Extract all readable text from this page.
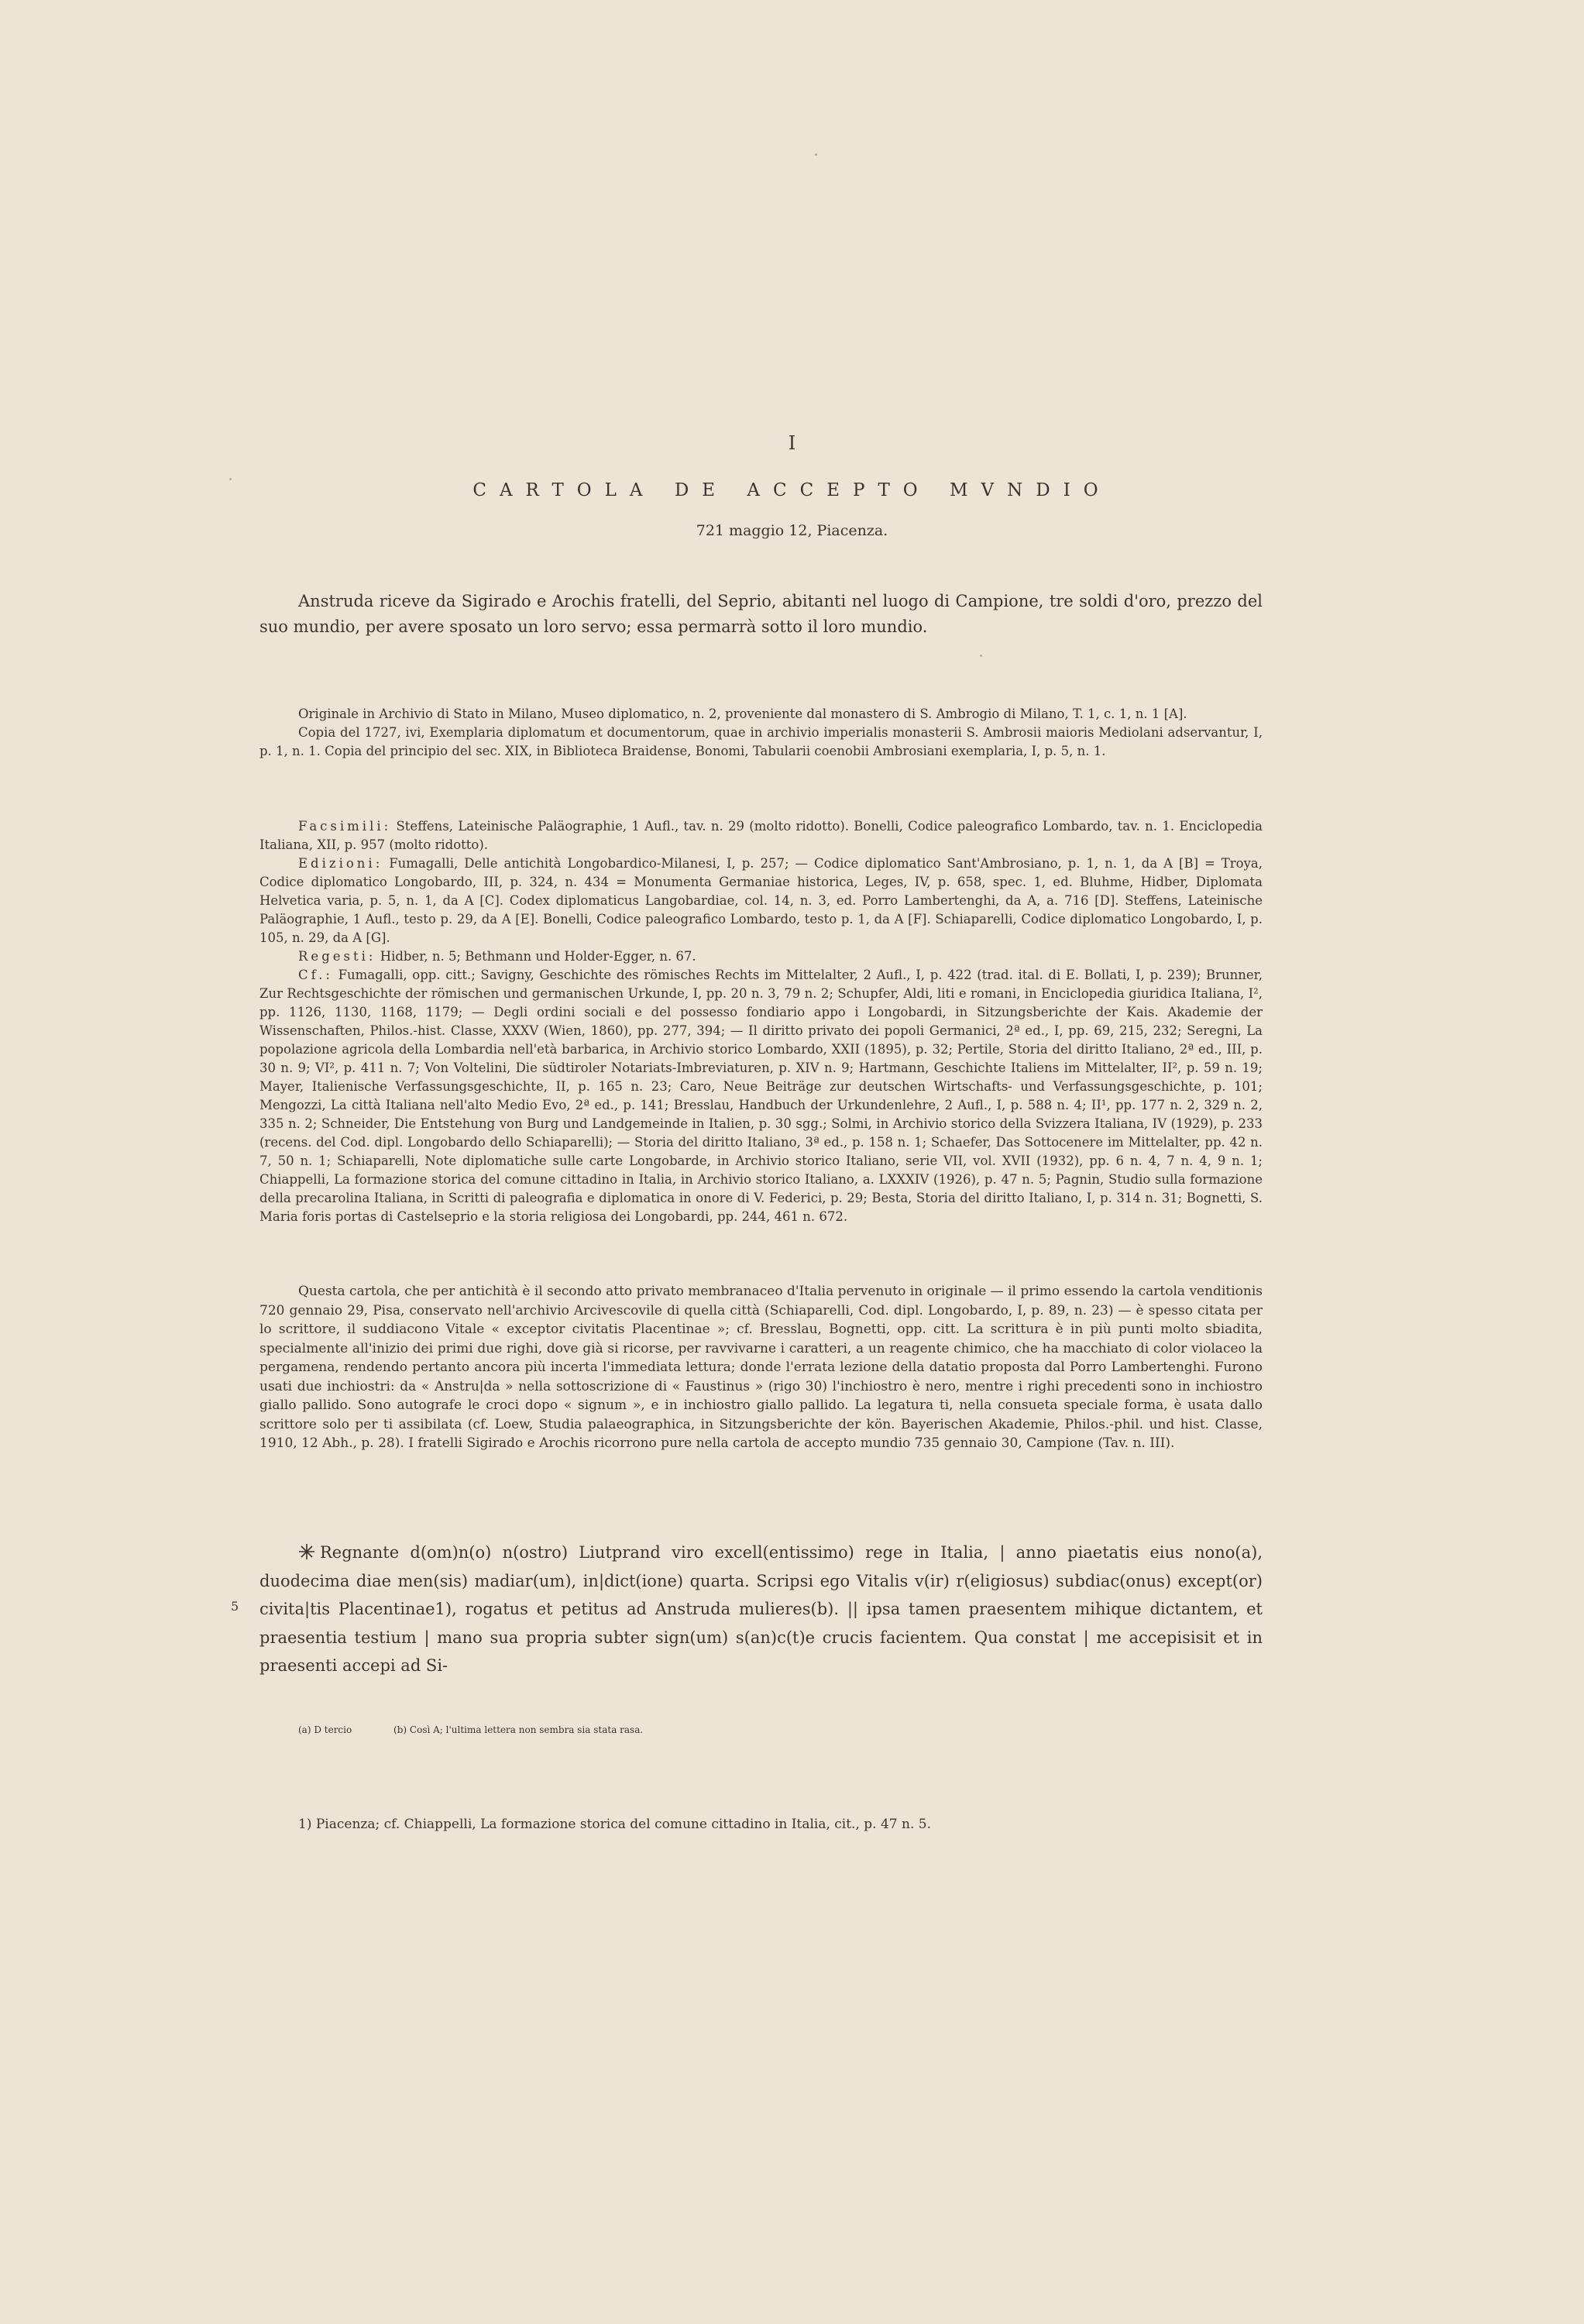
I
CARTOLA DE ACCEPTO MVNDIO
721 maggio 12, Piacenza.
Anstruda riceve da Sigirado e Arochis fratelli, del Seprio, abitanti nel luogo di Campione, tre soldi d'oro, prezzo del suo mundio, per avere sposato un loro servo; essa permarrà sotto il loro mundio.

Originale in Archivio di Stato in Milano, Museo diplomatico, n. 2, proveniente dal monastero di S. Ambrogio di Milano, T. 1, c. 1, n. 1 [A].

Copia del 1727, ivi, Exemplaria diplomatum et documentorum, quae in archivio imperialis monasterii S. Ambrosii maioris Mediolani adservantur, I, p. 1, n. 1. Copia del principio del sec. XIX, in Biblioteca Braidense, Bonomi, Tabularii coenobii Ambrosiani exemplaria, I, p. 5, n. 1.

Facsimili: Steffens, Lateinische Paläographie, 1 Aufl., tav. n. 29 (molto ridotto). Bonelli, Codice paleografico Lombardo, tav. n. 1. Enciclopedia Italiana, XII, p. 957 (molto ridotto).

Edizioni: Fumagalli, Delle antichità Longobardico-Milanesi, I, p. 257; — Codice diplomatico Sant'Ambrosiano, p. 1, n. 1, da A [B] = Troya, Codice diplomatico Longobardo, III, p. 324, n. 434 = Monumenta Germaniae historica, Leges, IV, p. 658, spec. 1, ed. Bluhme, Hidber, Diplomata Helvetica varia, p. 5, n. 1, da A [C]. Codex diplomaticus Langobardiae, col. 14, n. 3, ed. Porro Lambertenghi, da A, a. 716 [D]. Steffens, Lateinische Paläographie, 1 Aufl., testo p. 29, da A [E]. Bonelli, Codice paleografico Lombardo, testo p. 1, da A [F]. Schiaparelli, Codice diplomatico Longobardo, I, p. 105, n. 29, da A [G].

Regesti: Hidber, n. 5; Bethmann und Holder-Egger, n. 67.

Cf.: Fumagalli, opp. citt.; Savigny, Geschichte des römisches Rechts im Mittelalter, 2 Aufl., I, p. 422 (trad. ital. di E. Bollati, I, p. 239); Brunner, Zur Rechtsgeschichte der römischen und germanischen Urkunde, I, pp. 20 n. 3, 79 n. 2; Schupfer, Aldi, liti e romani, in Enciclopedia giuridica Italiana, I², pp. 1126, 1130, 1168, 1179; — Degli ordini sociali e del possesso fondiario appo i Longobardi, in Sitzungsberichte der Kais. Akademie der Wissenschaften, Philos.-hist. Classe, XXXV (Wien, 1860), pp. 277, 394; — Il diritto privato dei popoli Germanici, 2ª ed., I, pp. 69, 215, 232; Seregni, La popolazione agricola della Lombardia nell'età barbarica, in Archivio storico Lombardo, XXII (1895), p. 32; Pertile, Storia del diritto Italiano, 2ª ed., III, p. 30 n. 9; VI², p. 411 n. 7; Von Voltelini, Die südtiroler Notariats-Imbreviaturen, p. XIV n. 9; Hartmann, Geschichte Italiens im Mittelalter, II², p. 59 n. 19; Mayer, Italienische Verfassungsgeschichte, II, p. 165 n. 23; Caro, Neue Beiträge zur deutschen Wirtschafts- und Verfassungsgeschichte, p. 101; Mengozzi, La città Italiana nell'alto Medio Evo, 2ª ed., p. 141; Bresslau, Handbuch der Urkundenlehre, 2 Aufl., I, p. 588 n. 4; II¹, pp. 177 n. 2, 329 n. 2, 335 n. 2; Schneider, Die Entstehung von Burg und Landgemeinde in Italien, p. 30 sgg.; Solmi, in Archivio storico della Svizzera Italiana, IV (1929), p. 233 (recens. del Cod. dipl. Longobardo dello Schiaparelli); — Storia del diritto Italiano, 3ª ed., p. 158 n. 1; Schaefer, Das Sottocenere im Mittelalter, pp. 42 n. 7, 50 n. 1; Schiaparelli, Note diplomatiche sulle carte Longobarde, in Archivio storico Italiano, serie VII, vol. XVII (1932), pp. 6 n. 4, 7 n. 4, 9 n. 1; Chiappelli, La formazione storica del comune cittadino in Italia, in Archivio storico Italiano, a. LXXXIV (1926), p. 47 n. 5; Pagnin, Studio sulla formazione della precarolina Italiana, in Scritti di paleografia e diplomatica in onore di V. Federici, p. 29; Besta, Storia del diritto Italiano, I, p. 314 n. 31; Bognetti, S. Maria foris portas di Castelseprio e la storia religiosa dei Longobardi, pp. 244, 461 n. 672.

Questa cartola, che per antichità è il secondo atto privato membranaceo d'Italia pervenuto in originale — il primo essendo la cartola venditionis 720 gennaio 29, Pisa, conservato nell'archivio Arcivescovile di quella città (Schiaparelli, Cod. dipl. Longobardo, I, p. 89, n. 23) — è spesso citata per lo scrittore, il suddiacono Vitale « exceptor civitatis Placentinae »; cf. Bresslau, Bognetti, opp. citt. La scrittura è in più punti molto sbiadita, specialmente all'inizio dei primi due righi, dove già si ricorse, per ravvivarne i caratteri, a un reagente chimico, che ha macchiato di color violaceo la pergamena, rendendo pertanto ancora più incerta l'immediata lettura; donde l'errata lezione della datatio proposta dal Porro Lambertenghi. Furono usati due inchiostri: da « Anstru|da » nella sottoscrizione di « Faustinus » (rigo 30) l'inchiostro è nero, mentre i righi precedenti sono in inchiostro giallo pallido. Sono autografe le croci dopo « signum », e in inchiostro giallo pallido. La legatura ti, nella consueta speciale forma, è usata dallo scrittore solo per ti assibilata (cf. Loew, Studia palaeographica, in Sitzungsberichte der kön. Bayerischen Akademie, Philos.-phil. und hist. Classe, 1910, 12 Abh., p. 28). I fratelli Sigirado e Arochis ricorrono pure nella cartola de accepto mundio 735 gennaio 30, Campione (Tav. n. III).
5
Regnante d(om)n(o) n(ostro) Liutprand viro excell(entissimo) rege in Italia, | anno piaetatis eius nono(a), duodecima diae men(sis) madiar(um), in|dict(ione) quarta. Scripsi ego Vitalis v(ir) r(eligiosus) subdiac(onus) except(or) civita|tis Placentinae1), rogatus et petitus ad Anstruda mulieres(b). || ipsa tamen praesentem mihique dictantem, et praesentia testium | mano sua propria subter sign(um) s(an)c(t)e crucis facientem. Qua constat | me accepisisit et in praesenti accepi ad Si-
(a) D tercio	(b) Così A; l'ultima lettera non sembra sia stata rasa.
1) Piacenza; cf. Chiappelli, La formazione storica del comune cittadino in Italia, cit., p. 47 n. 5.
